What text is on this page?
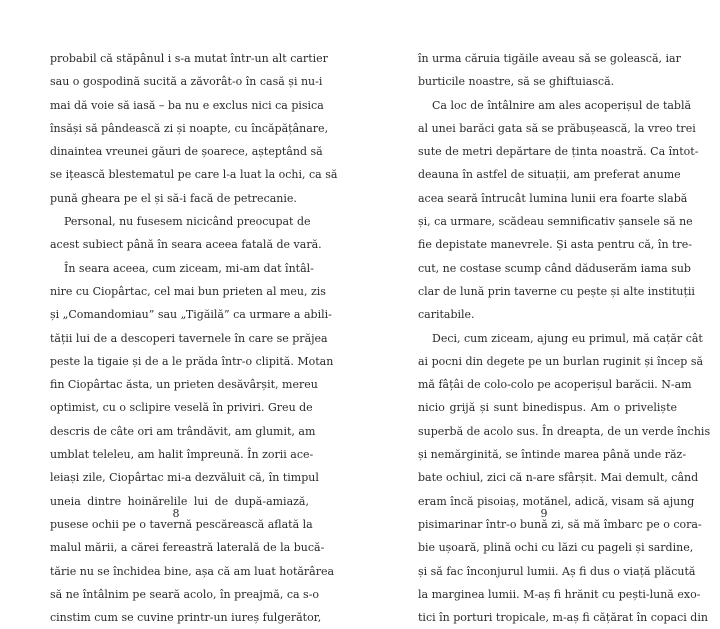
probabil că stăpânul i s-a mutat într-un alt cartier
sau o gospodină sucită a zăvorât-o în casă și nu-i
mai dă voie să iasă – ba nu e exclus nici ca pisica
însăși să pândească zi și noapte, cu încăpățânare,
dinaintea vreunei găuri de șoarece, așteptând să
se ițească blestematul pe care l-a luat la ochi, ca să
pună gheara pe el și să-i facă de petrecanie.
Personal, nu fusesem nicicând preocupat de
acest subiect până în seara aceea fatală de vară.
În seara aceea, cum ziceam, mi-am dat întâl-
nire cu Ciopârtac, cel mai bun prieten al meu, zis
și „Comandomiau” sau „Tigăilă” ca urmare a abili-
tății lui de a descoperi tavernele în care se prăjea
peste la tigaie și de a le prăda într-o clipită. Motan
fin Ciopârtac ăsta, un prieten desăvârșit, mereu
optimist, cu o sclipire veselă în priviri. Greu de
descris de câte ori am trândăvit, am glumit, am
umblat teleleu, am halit împreună. În zorii ace-
leiași zile, Ciopârtac mi-a dezvăluit că, în timpul
uneia dintre hoinărelile lui de după-amiază,
pusese ochii pe o tavernă pescărească aflată la
malul mării, a cărei fereastră laterală de la bucă-
tărie nu se închidea bine, așa că am luat hotărârea
să ne întâlnim pe seară acolo, în preajmă, ca s-o
cinstim cum se cuvine printr-un iureș fulgerător,
în urma căruia tigăile aveau să se golească, iar
burticile noastre, să se ghiftuiască.
Ca loc de întâlnire am ales acoperișul de tablă
al unei barăci gata să se prăbușească, la vreo trei
sute de metri depărtare de ținta noastră. Ca întot-
deauna în astfel de situații, am preferat anume
acea seară întrucât lumina lunii era foarte slabă
și, ca urmare, scădeau semnificativ șansele să ne
fie depistate manevrele. Și asta pentru că, în tre-
cut, ne costase scump când dăduserăm iama sub
clar de lună prin taverne cu pește și alte instituții
caritabile.
Deci, cum ziceam, ajung eu primul, mă cațăr cât
ai pocni din degete pe un burlan ruginit și încep să
mă fâțâi de colo-colo pe acoperișul barăcii. N-am
nicio grijă și sunt binedispus. Am o priveliște
superbă de acolo sus. În dreapta, de un verde închis
și nemărginită, se întinde marea până unde răz-
bate ochiul, zici că n-are sfârșit. Mai demult, când
eram încă pisoiaș, motănel, adică, visam să ajung
pisimarinar într-o bună zi, să mă îmbarc pe o cora-
bie ușoară, plină ochi cu lăzi cu pageli și sardine,
și să fac înconjurul lumii. Aș fi dus o viață plăcută
la marginea lumii. M-aș fi hrănit cu pești-lună exo-
tici în porturi tropicale, m-aș fi cățărat în copaci din
8	9
